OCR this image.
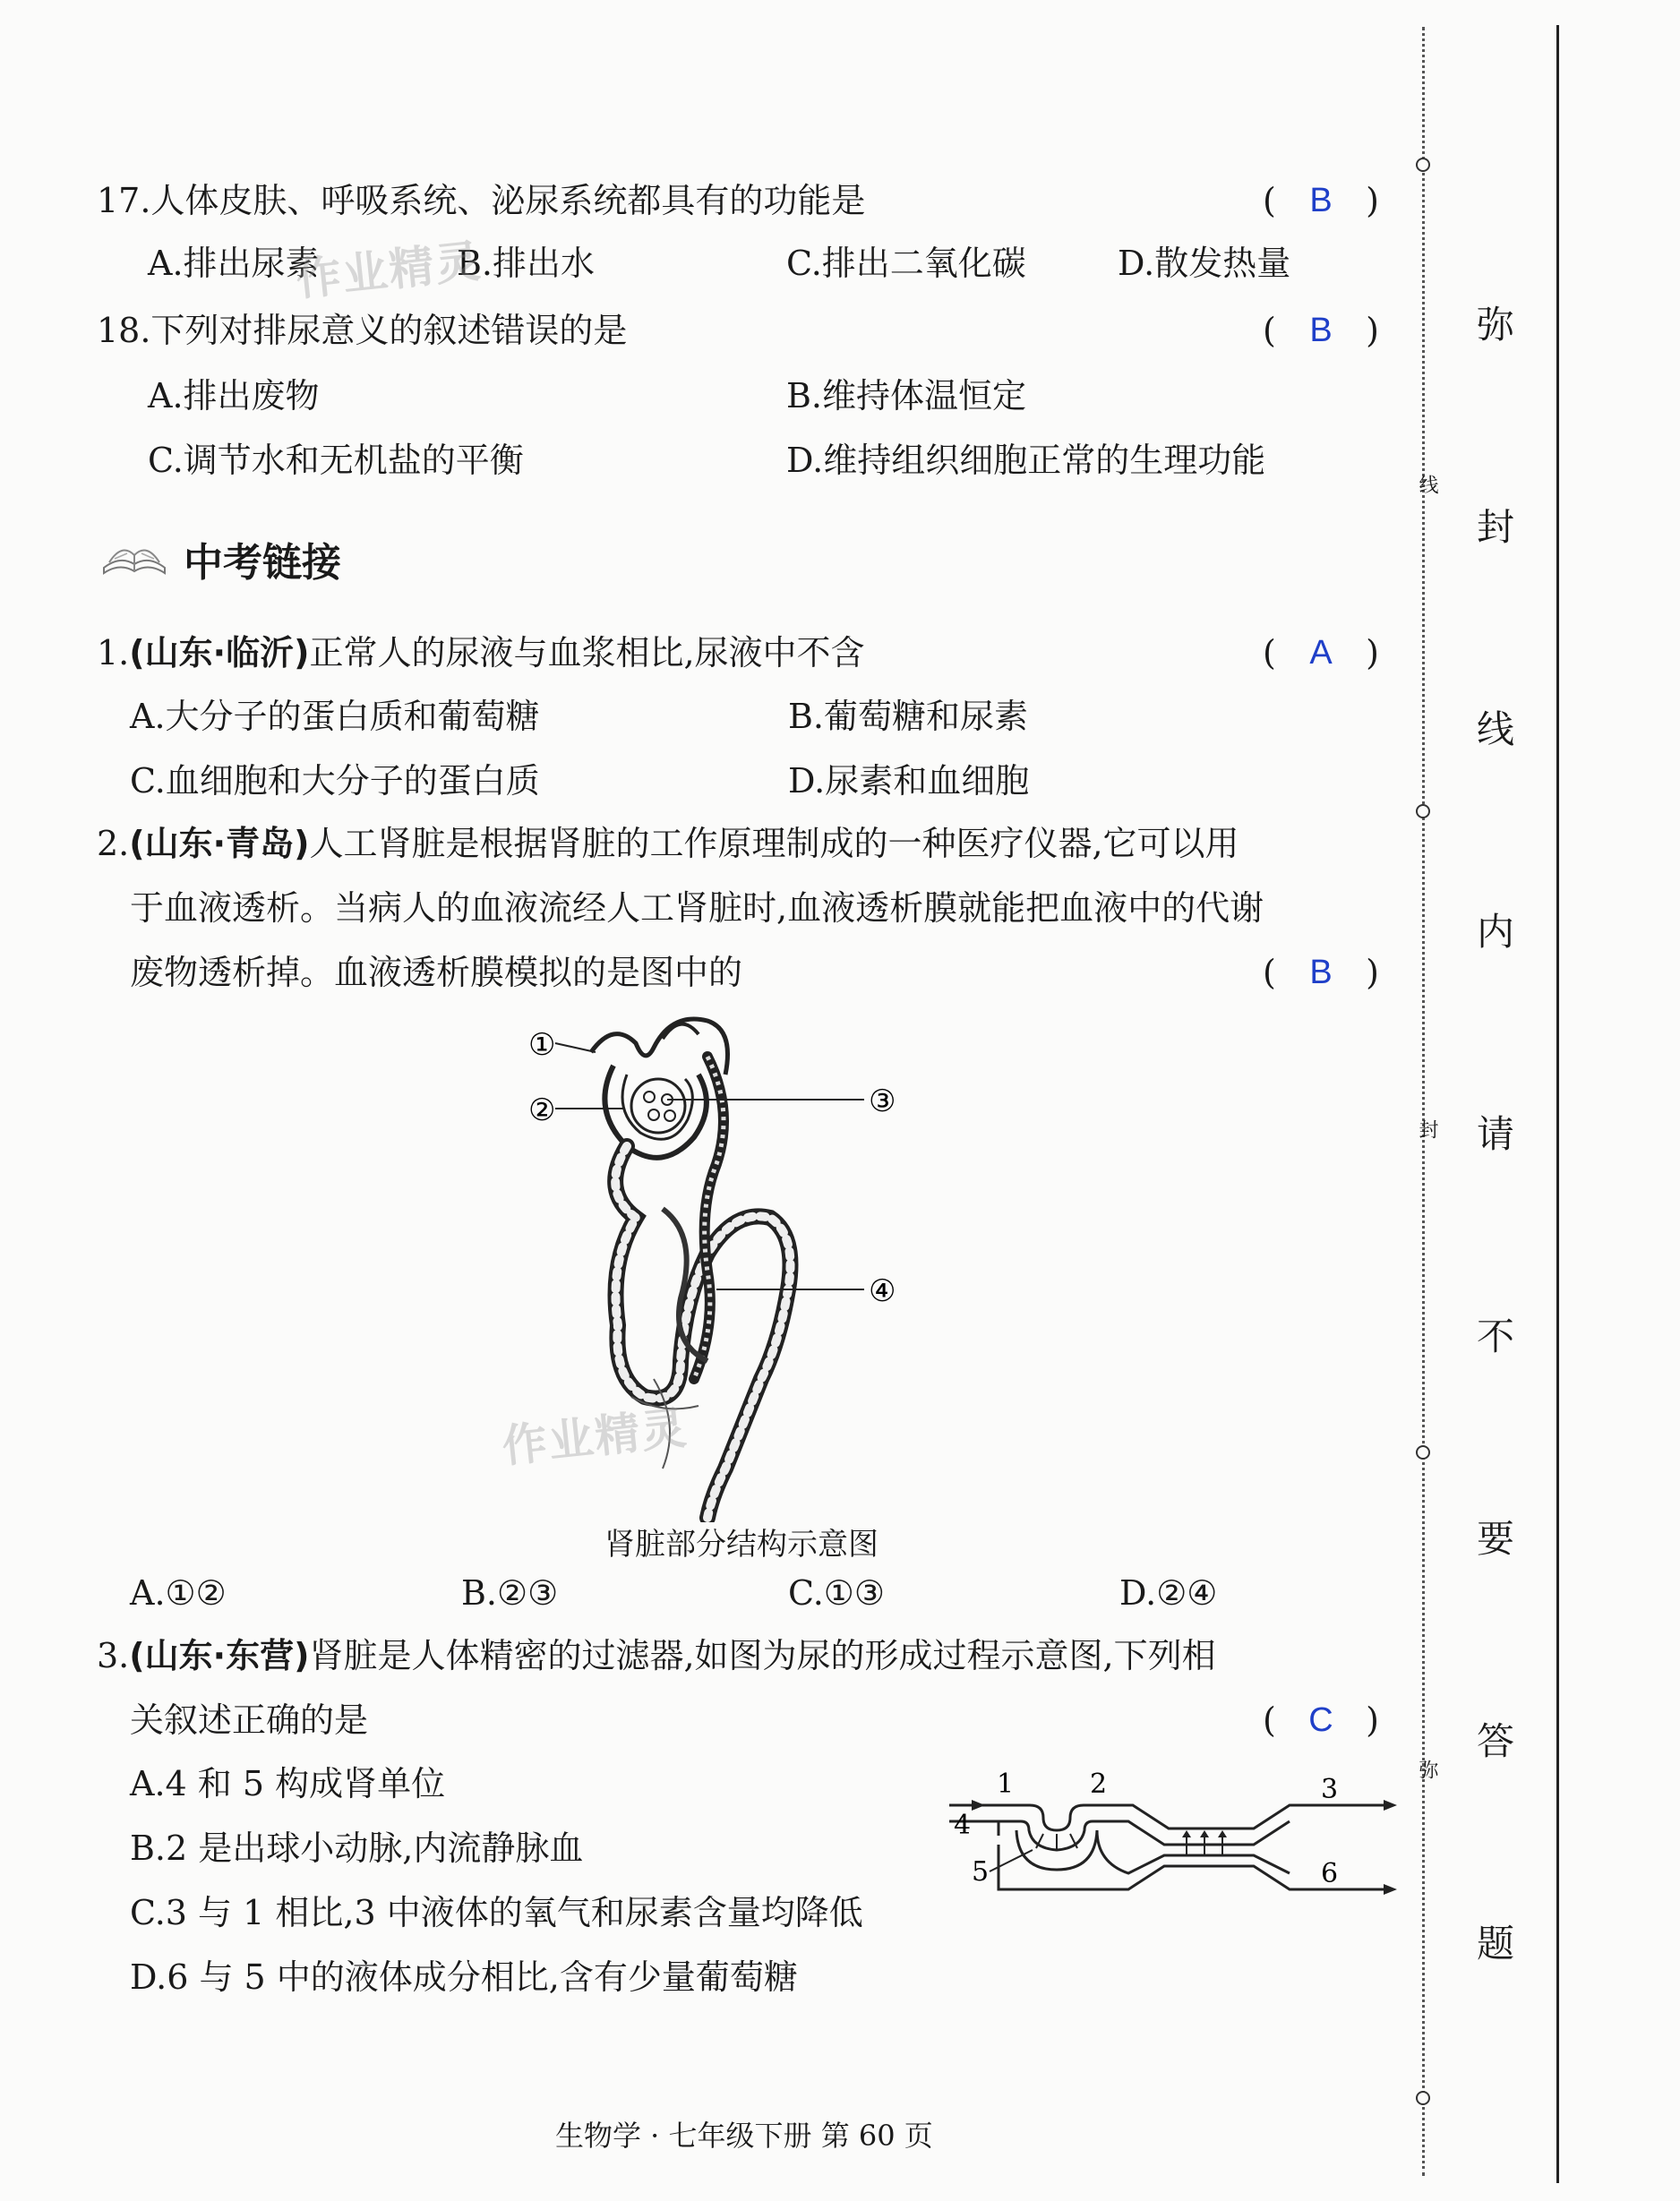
17.人体皮肤、呼吸系统、泌尿系统都具有的功能是	( B )
A.排出尿素	B.排出水	C.排出二氧化碳	D.散发热量
作业精灵
18.下列对排尿意义的叙述错误的是	( B )
A.排出废物	B.维持体温恒定
C.调节水和无机盐的平衡	D.维持组织细胞正常的生理功能
中考链接
1.(山东·临沂)正常人的尿液与血浆相比,尿液中不含	( A )
A.大分子的蛋白质和葡萄糖	B.葡萄糖和尿素
C.血细胞和大分子的蛋白质	D.尿素和血细胞
2.(山东·青岛)人工肾脏是根据肾脏的工作原理制成的一种医疗仪器,它可以用
于血液透析。当病人的血液流经人工肾脏时,血液透析膜就能把血液中的代谢
废物透析掉。血液透析膜模拟的是图中的	( B )
①
②	③
④
作业精灵
肾脏部分结构示意图
A.①②	B.②③	C.①③	D.②④
3.(山东·东营)肾脏是人体精密的过滤器,如图为尿的形成过程示意图,下列相
关叙述正确的是	( C )
A.4 和 5 构成肾单位
B.2 是出球小动脉,内流静脉血
C.3 与 1 相比,3 中液体的氧气和尿素含量均降低
D.6 与 5 中的液体成分相比,含有少量葡萄糖
1	2	3
4
5	6
生物学 · 七年级下册 第 60 页
线
封
弥
弥
封
线
内
请
不
要
答
题
